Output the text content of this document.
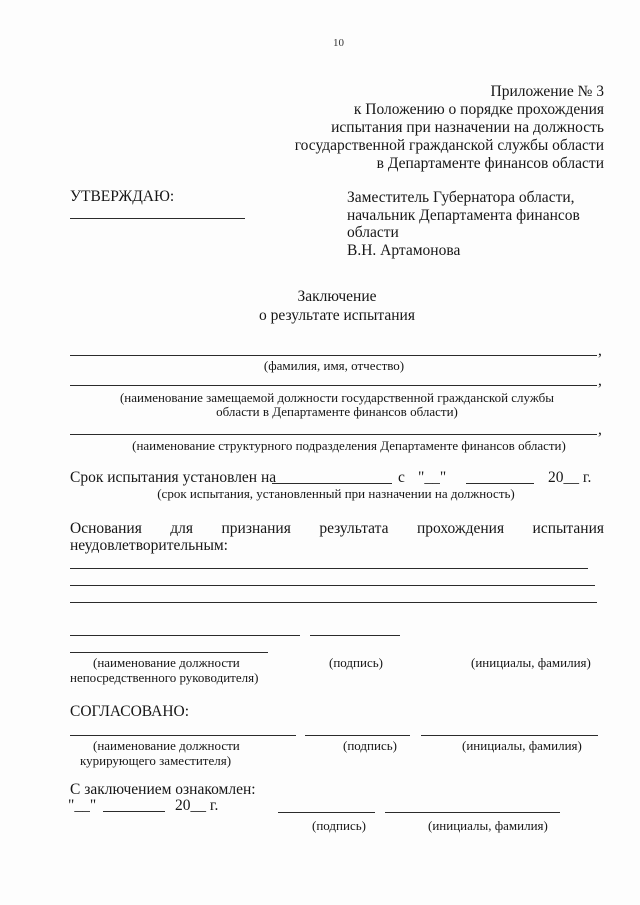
10
Приложение № 3
к Положению о порядке прохождения
испытания при назначении на должность
государственной гражданской службы области
в Департаменте финансов области
УТВЕРЖДАЮ:	Заместитель Губернатора области,
начальник Департамента финансов
области
В.Н. Артамонова
Заключение
о результате испытания
,
(фамилия, имя, отчество)
,
(наименование замещаемой должности государственной гражданской службы
области в Департаменте финансов области)
,
(наименование структурного подразделения Департаменте финансов области)
Срок испытания установлен на	с "__"	20__ г.
(срок испытания, установленный при назначении на должность)
Основания для признания результата прохождения испытания
неудовлетворительным:
(наименование должности
непосредственного руководителя)
(подпись)	(инициалы, фамилия)
СОГЛАСОВАНО:
(наименование должности
курирующего заместителя)
(подпись)	(инициалы, фамилия)
С заключением ознакомлен:
"__"	20__ г.
(подпись)	(инициалы, фамилия)
